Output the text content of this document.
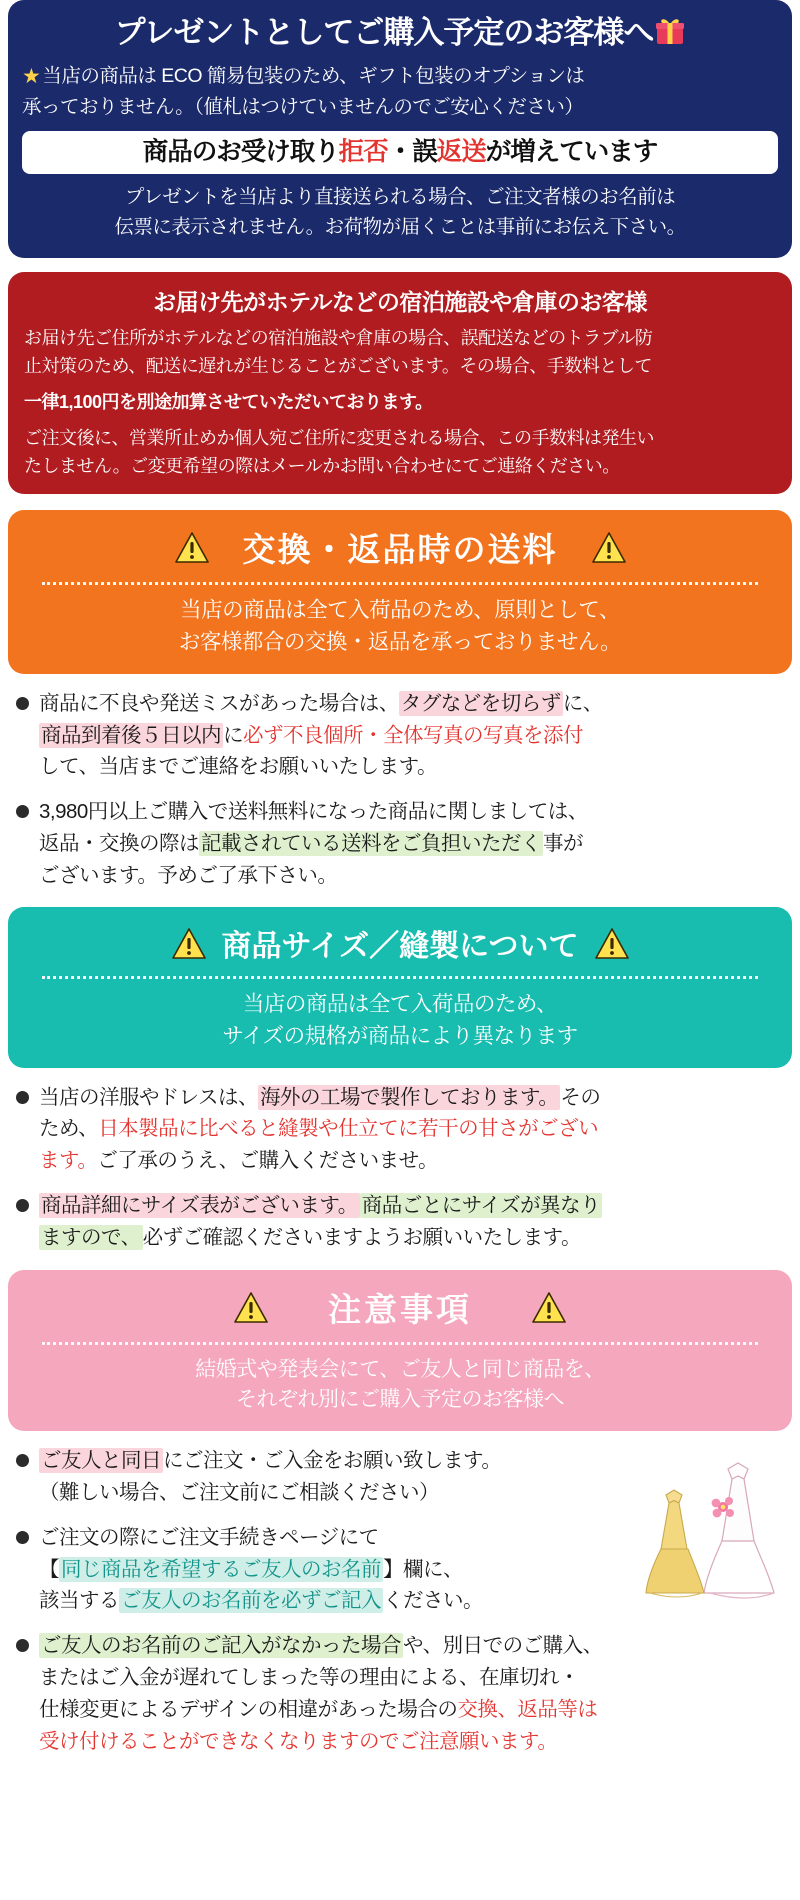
プレゼントとしてご購入予定のお客様へ
★ 当店の商品は ECO 簡易包装のため、ギフト包装のオプションは
承っておりません。（値札はつけていませんのでご安心ください）
商品のお受け取り拒否・誤返送が増えています
プレゼントを当店より直接送られる場合、ご注文者様のお名前は
伝票に表示されません。お荷物が届くことは事前にお伝え下さい。
お届け先がホテルなどの宿泊施設や倉庫のお客様

お届け先ご住所がホテルなどの宿泊施設や倉庫の場合、誤配送などのトラブル防
止対策のため、配送に遅れが生じることがございます。その場合、手数料として

一律1,100円を別途加算させていただいております。

ご注文後に、営業所止めか個人宛ご住所に変更される場合、この手数料は発生い
たしません。ご変更希望の際はメールかお問い合わせにてご連絡ください。

交換・返品時の送料
当店の商品は全て入荷品のため、原則として、
お客様都合の交換・返品を承っておりません。
商品に不良や発送ミスがあった場合は、タグなどを切らずに、
商品到着後５日以内に必ず不良個所・全体写真の写真を添付
して、当店までご連絡をお願いいたします。
3,980円以上ご購入で送料無料になった商品に関しましては、
返品・交換の際は記載されている送料をご負担いただく事が
ございます。予めご了承下さい。
商品サイズ／縫製について
当店の商品は全て入荷品のため、
サイズの規格が商品により異なります
当店の洋服やドレスは、海外の工場で製作しております。その
ため、日本製品に比べると縫製や仕立てに若干の甘さがござい
ます。ご了承のうえ、ご購入くださいませ。
商品詳細にサイズ表がございます。 商品ごとにサイズが異なり
ますので、必ずご確認くださいますようお願いいたします。
注意事項
結婚式や発表会にて、ご友人と同じ商品を、
それぞれ別にご購入予定のお客様へ
ご友人と同日にご注文・ご入金をお願い致します。
（難しい場合、ご注文前にご相談ください）
ご注文の際にご注文手続きページにて
【同じ商品を希望するご友人のお名前】欄に、
該当するご友人のお名前を必ずご記入ください。
ご友人のお名前のご記入がなかった場合や、別日でのご購入、
またはご入金が遅れてしまった等の理由による、在庫切れ・
仕様変更によるデザインの相違があった場合の交換、返品等は
受け付けることができなくなりますのでご注意願います。
